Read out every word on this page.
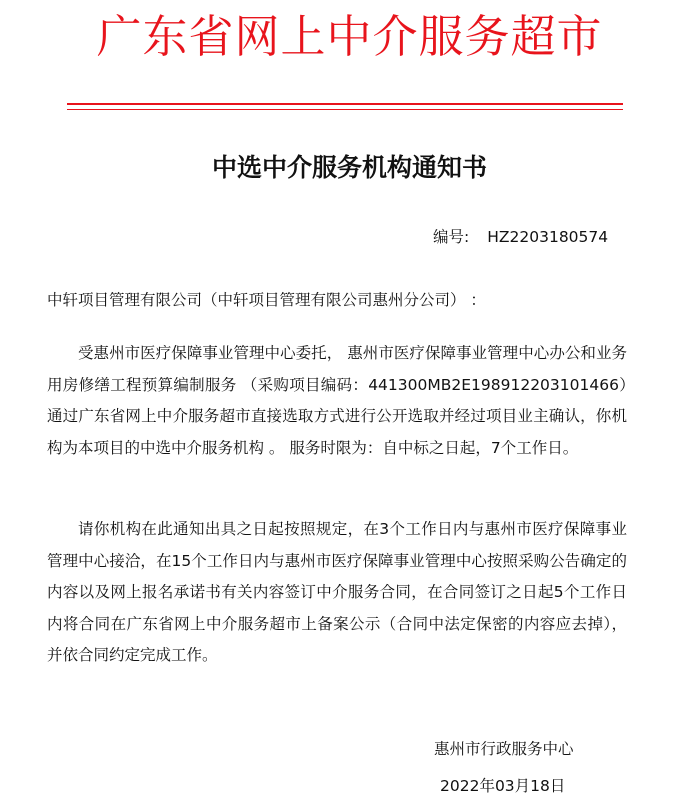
广东省网上中介服务超市
中选中介服务机构通知书
编号: HZ2203180574
中轩项目管理有限公司（中轩项目管理有限公司惠州分公司） ：

受惠州市医疗保障事业管理中心委托， 惠州市医疗保障事业管理中心办公和业务用房修缮工程预算编制服务 （采购项目编码：441300MB2E198912203101466）通过广东省网上中介服务超市直接选取方式进行公开选取并经过项目业主确认，你机构为本项目的中选中介服务机构 。 服务时限为：自中标之日起，7个工作日。

请你机构在此通知出具之日起按照规定，在3个工作日内与惠州市医疗保障事业管理中心接洽，在15个工作日内与惠州市医疗保障事业管理中心按照采购公告确定的内容以及网上报名承诺书有关内容签订中介服务合同，在合同签订之日起5个工作日内将合同在广东省网上中介服务超市上备案公示（合同中法定保密的内容应去掉），并依合同约定完成工作。

惠州市行政服务中心
2022年03月18日
